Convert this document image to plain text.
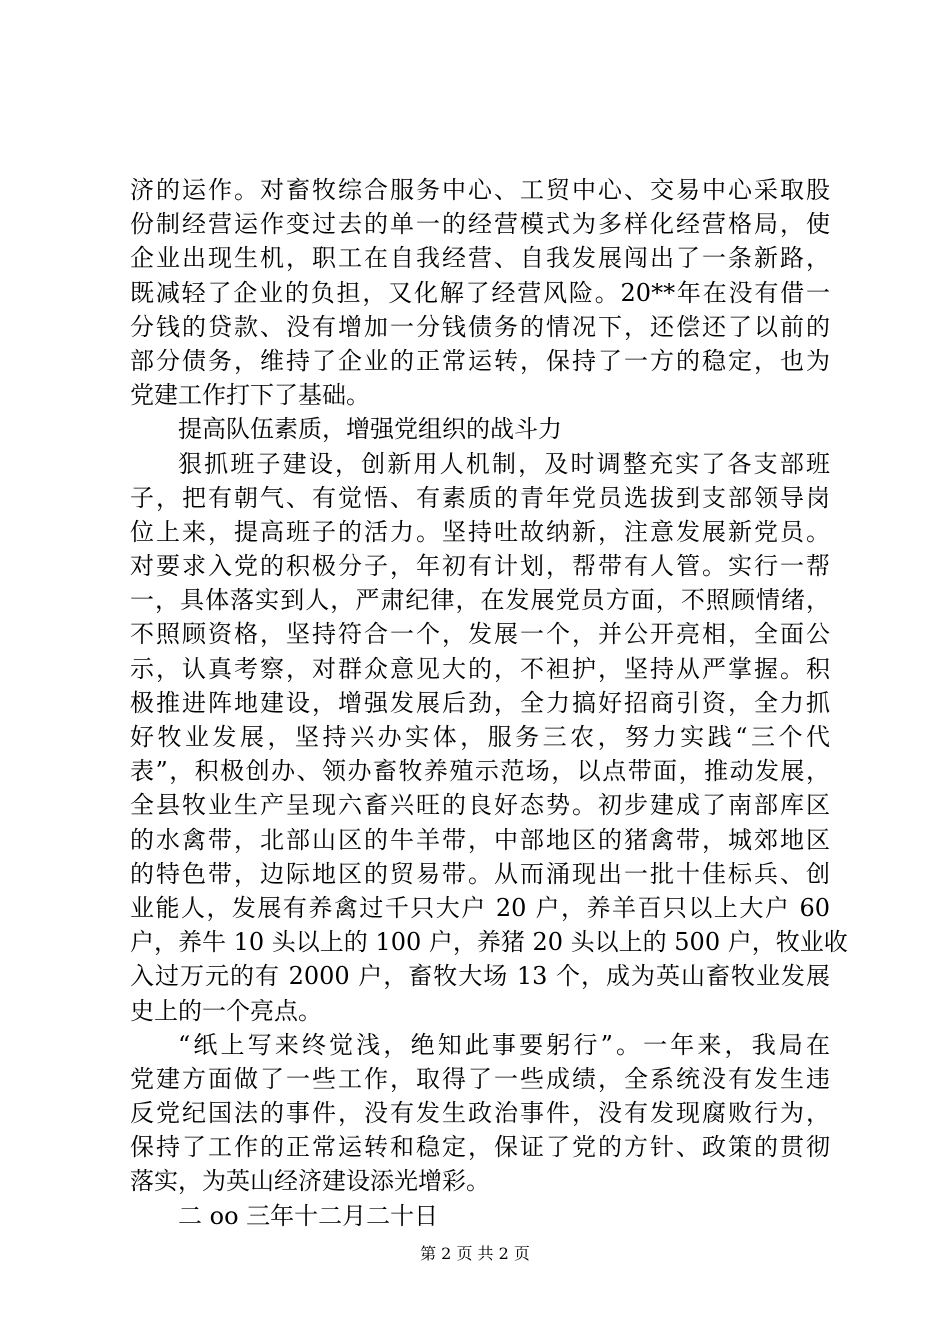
济的运作。对畜牧综合服务中心、工贸中心、交易中心采取股
份制经营运作变过去的单一的经营模式为多样化经营格局，使
企业出现生机，职工在自我经营、自我发展闯出了一条新路，
既减轻了企业的负担，又化解了经营风险。20**年在没有借一
分钱的贷款、没有增加一分钱债务的情况下，还偿还了以前的
部分债务，维持了企业的正常运转，保持了一方的稳定，也为
党建工作打下了基础。
提高队伍素质，增强党组织的战斗力
狠抓班子建设，创新用人机制，及时调整充实了各支部班
子，把有朝气、有觉悟、有素质的青年党员选拔到支部领导岗
位上来，提高班子的活力。坚持吐故纳新，注意发展新党员。
对要求入党的积极分子，年初有计划，帮带有人管。实行一帮
一，具体落实到人，严肃纪律，在发展党员方面，不照顾情绪，
不照顾资格，坚持符合一个，发展一个，并公开亮相，全面公
示，认真考察，对群众意见大的，不袒护，坚持从严掌握。积
极推进阵地建设，增强发展后劲，全力搞好招商引资，全力抓
好牧业发展，坚持兴办实体，服务三农，努力实践“三个代
表”，积极创办、领办畜牧养殖示范场，以点带面，推动发展，
全县牧业生产呈现六畜兴旺的良好态势。初步建成了南部库区
的水禽带，北部山区的牛羊带，中部地区的猪禽带，城郊地区
的特色带，边际地区的贸易带。从而涌现出一批十佳标兵、创
业能人，发展有养禽过千只大户 20 户，养羊百只以上大户 60
户，养牛 10 头以上的 100 户，养猪 20 头以上的 500 户，牧业收
入过万元的有 2000 户，畜牧大场 13 个，成为英山畜牧业发展
史上的一个亮点。
“纸上写来终觉浅，绝知此事要躬行”。一年来，我局在
党建方面做了一些工作，取得了一些成绩，全系统没有发生违
反党纪国法的事件，没有发生政治事件，没有发现腐败行为，
保持了工作的正常运转和稳定，保证了党的方针、政策的贯彻
落实，为英山经济建设添光增彩。
二 oo 三年十二月二十日
第 2 页 共 2 页
